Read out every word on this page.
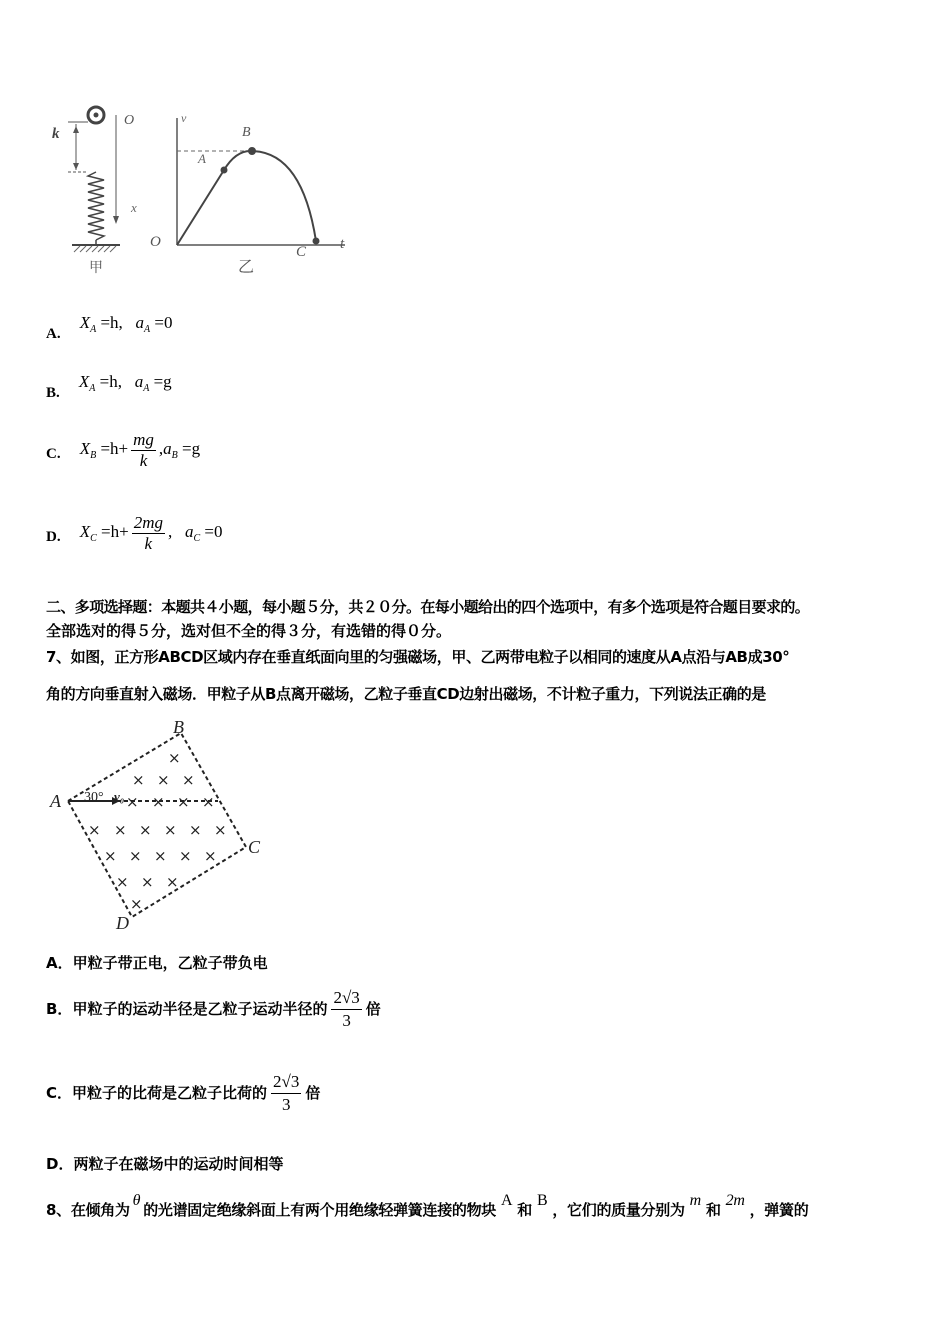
k
甲
O
x
v
O	t
A
B
C
乙
A. $X_A =h$, $a_A =0$
B. $X_A =h$, $a_A =g$
C. $X_B =h+ \frac{mg}{k} ,a_B =g$
D. $X_C =h+ \frac{2mg}{k}$ , $a_C =0$
二、多项选择题：本题共４小题，每小题５分，共２０分。在每小题给出的四个选项中，有多个选项是符合题目要求的。
全部选对的得５分，选对但不全的得３分，有选错的得０分。
7、如图，正方形ABCD区域内存在垂直纸面向里的匀强磁场，甲、乙两带电粒子以相同的速度从A点沿与AB成30°
角的方向垂直射入磁场．甲粒子从B点离开磁场，乙粒子垂直CD边射出磁场，不计粒子重力，下列说法正确的是
30° v₀
A
B
C
D
×
× × ×
× × × ×
× × × × × ×
× × × × ×
× × ×
×
A．甲粒子带正电，乙粒子带负电
B．甲粒子的运动半径是乙粒子运动半径的 $\frac{2√3}{3}$ 倍
C．甲粒子的比荷是乙粒子比荷的 $\frac{2√3}{3}$ 倍
D．两粒子在磁场中的运动时间相等
8、在倾角为θ的光谱固定绝缘斜面上有两个用绝缘轻弹簧连接的物块A和B，它们的质量分别为m和2m，弹簧的
